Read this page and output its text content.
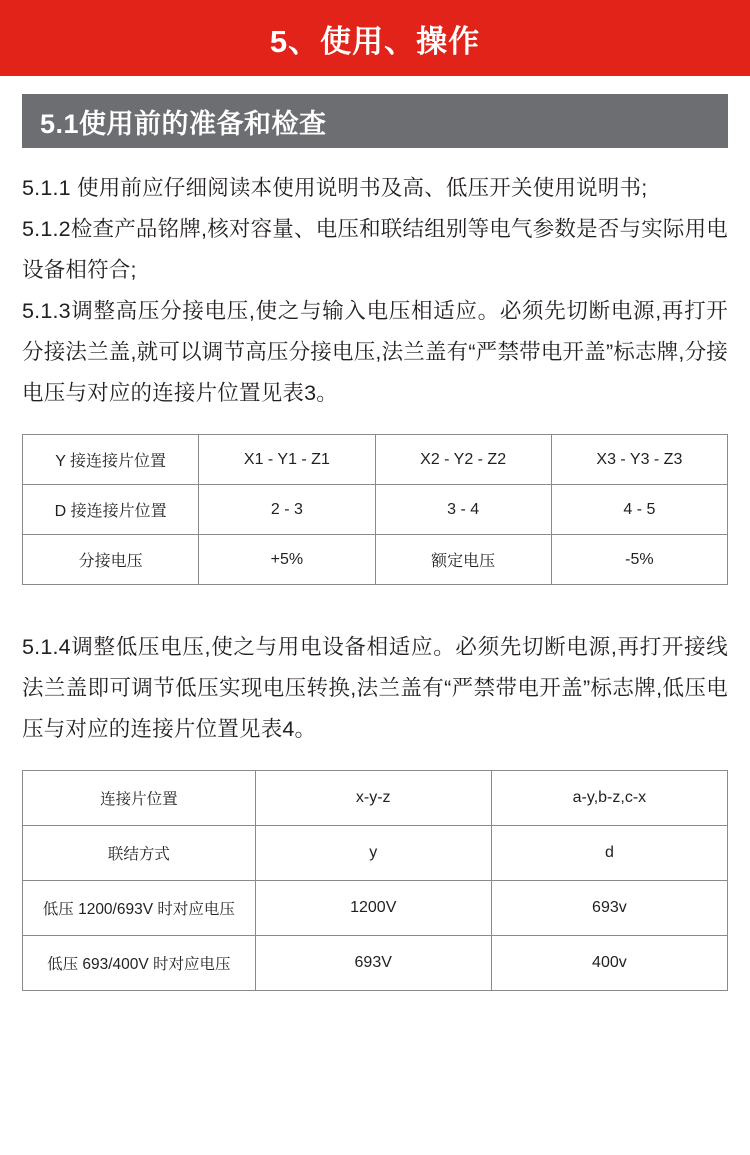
5、使用、操作
5.1使用前的准备和检查
5.1.1 使用前应仔细阅读本使用说明书及高、低压开关使用说明书;
5.1.2检查产品铭牌,核对容量、电压和联结组别等电气参数是否与实际用电设备相符合;
5.1.3调整高压分接电压,使之与输入电压相适应。必须先切断电源,再打开分接法兰盖,就可以调节高压分接电压,法兰盖有“严禁带电开盖”标志牌,分接电压与对应的连接片位置见表3。
Y 接连接片位置	X1 - Y1 - Z1	X2 - Y2 - Z2	X3 - Y3 - Z3
D 接连接片位置	2 - 3	3 - 4	4 - 5
分接电压	+5%	额定电压	-5%
5.1.4调整低压电压,使之与用电设备相适应。必须先切断电源,再打开接线法兰盖即可调节低压实现电压转换,法兰盖有“严禁带电开盖”标志牌,低压电压与对应的连接片位置见表4。
连接片位置	x-y-z	a-y,b-z,c-x
联结方式	y	d
低压 1200/693V 时对应电压	1200V	693v
低压 693/400V 时对应电压	693V	400v
